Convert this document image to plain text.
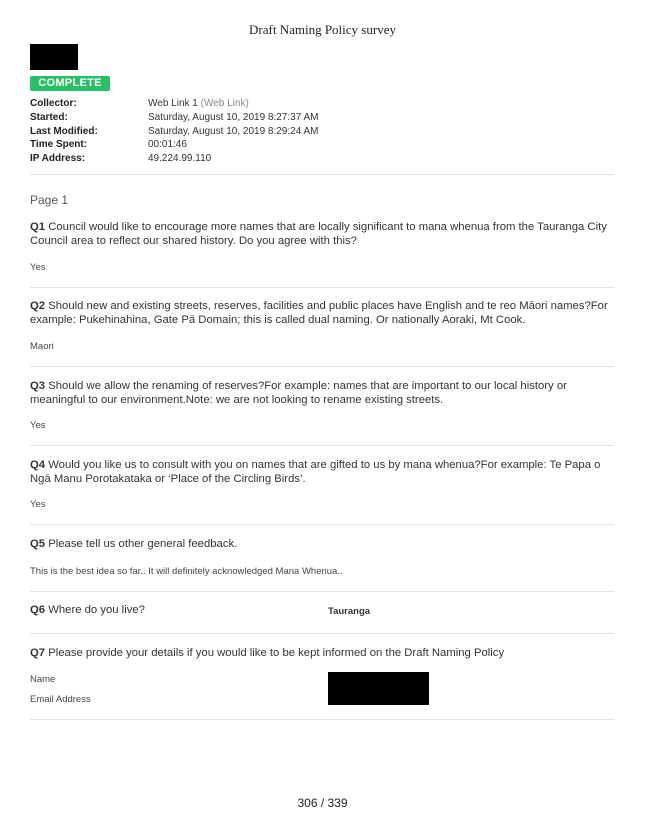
Draft Naming Policy survey
COMPLETE
Collector:	Web Link 1 (Web Link)
Started:	Saturday, August 10, 2019 8:27:37 AM
Last Modified:	Saturday, August 10, 2019 8:29:24 AM
Time Spent:	00:01:46
IP Address:	49.224.99.110
Page 1
Q1 Council would like to encourage more names that are locally significant to mana whenua from the Tauranga City Council area to reflect our shared history. Do you agree with this?
Yes
Q2 Should new and existing streets, reserves, facilities and public places have English and te reo Māori names?For example: Pukehinahina, Gate Pā Domain; this is called dual naming. Or nationally Aoraki, Mt Cook.
Maori
Q3 Should we allow the renaming of reserves?For example: names that are important to our local history or meaningful to our environment.Note: we are not looking to rename existing streets.
Yes
Q4 Would you like us to consult with you on names that are gifted to us by mana whenua?For example: Te Papa o Ngā Manu Porotakataka or ‘Place of the Circling Birds’.
Yes
Q5 Please tell us other general feedback.
This is the best idea so far.. It will definitely acknowledged Mana Whenua..
Q6 Where do you live?	Tauranga
Q7 Please provide your details if you would like to be kept informed on the Draft Naming Policy
Name
Email Address
306 / 339
